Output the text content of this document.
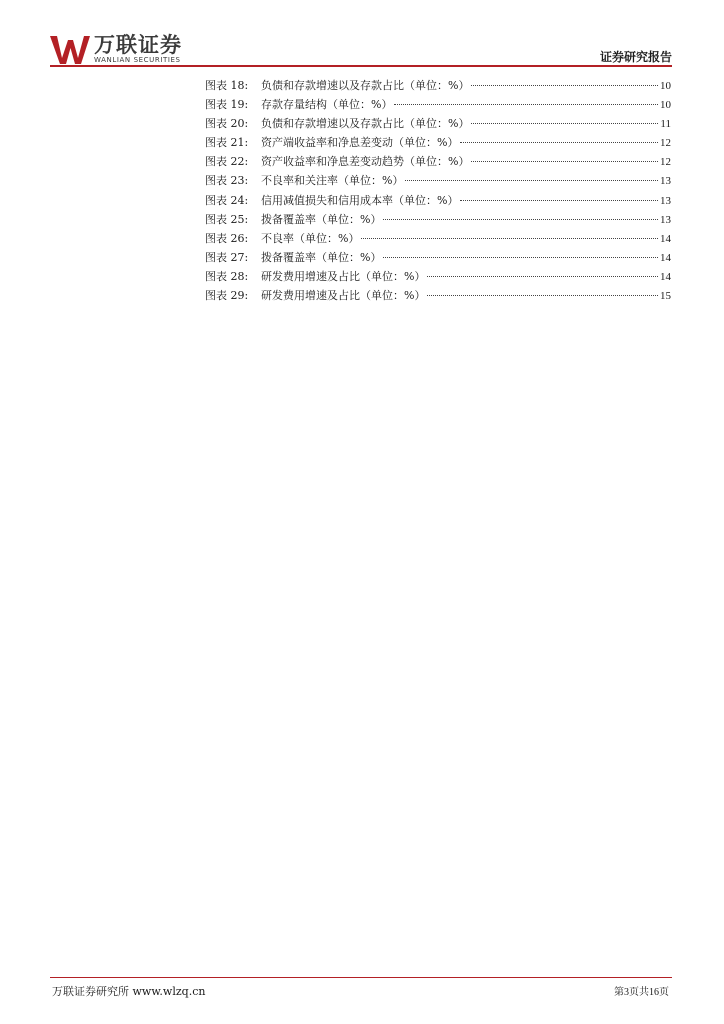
万联证券
WANLIAN SECURITIES	证券研究报告
图表 18:	负债和存款增速以及存款占比（单位：%）	10
图表 19:	存款存量结构（单位：%）	10
图表 20:	负债和存款增速以及存款占比（单位：%）	11
图表 21:	资产端收益率和净息差变动（单位：%）	12
图表 22:	资产收益率和净息差变动趋势（单位：%）	12
图表 23:	不良率和关注率（单位：%）	13
图表 24:	信用减值损失和信用成本率（单位：%）	13
图表 25:	拨备覆盖率（单位：%）	13
图表 26:	不良率（单位：%）	14
图表 27:	拨备覆盖率（单位：%）	14
图表 28:	研发费用增速及占比（单位：%）	14
图表 29:	研发费用增速及占比（单位：%）	15
万联证券研究所 www.wlzq.cn	第3页共16页
